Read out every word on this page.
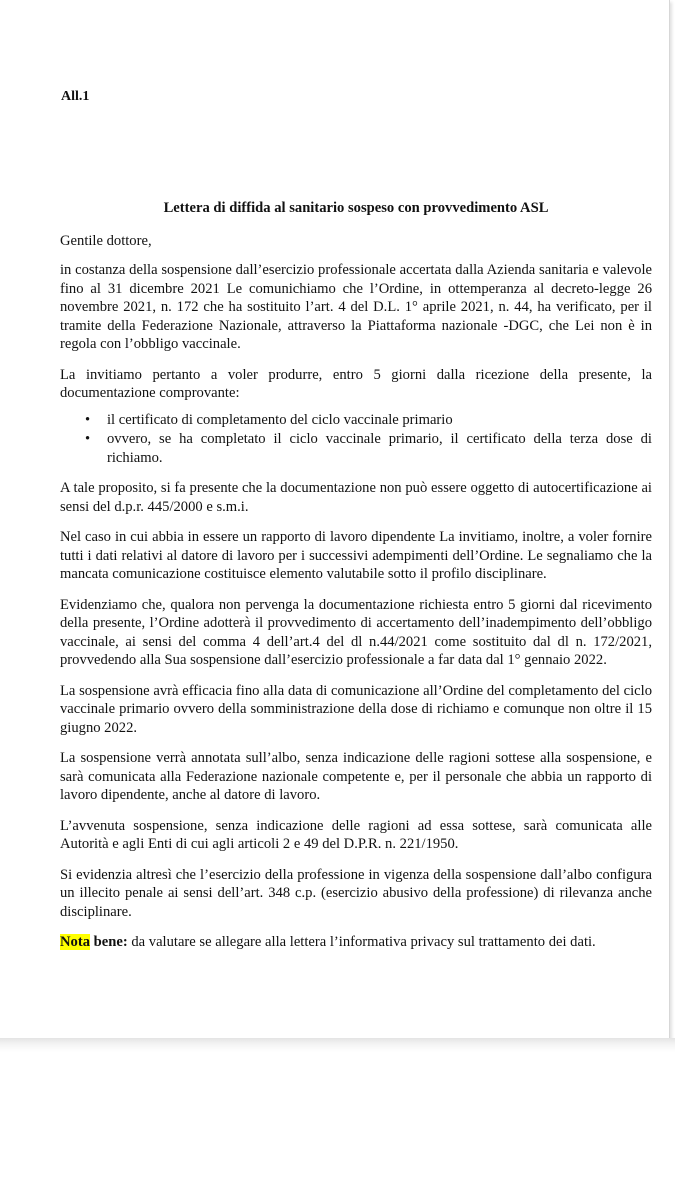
All.1

Lettera di diffida al sanitario sospeso con provvedimento ASL

Gentile dottore,

in costanza della sospensione dall’esercizio professionale accertata dalla Azienda sanitaria e valevole fino al 31 dicembre 2021 Le comunichiamo che l’Ordine, in ottemperanza al decreto-legge 26 novembre 2021, n. 172 che ha sostituito l’art. 4 del D.L. 1° aprile 2021, n. 44, ha verificato, per il tramite della Federazione Nazionale, attraverso la Piattaforma nazionale -DGC, che Lei non è in regola con l’obbligo vaccinale.

La invitiamo pertanto a voler produrre, entro 5 giorni dalla ricezione della presente, la documentazione comprovante:

• il certificato di completamento del ciclo vaccinale primario
• ovvero, se ha completato il ciclo vaccinale primario, il certificato della terza dose di richiamo.

A tale proposito, si fa presente che la documentazione non può essere oggetto di autocertificazione ai sensi del d.p.r. 445/2000 e s.m.i.

Nel caso in cui abbia in essere un rapporto di lavoro dipendente La invitiamo, inoltre, a voler fornire tutti i dati relativi al datore di lavoro per i successivi adempimenti dell’Ordine. Le segnaliamo che la mancata comunicazione costituisce elemento valutabile sotto il profilo disciplinare.

Evidenziamo che, qualora non pervenga la documentazione richiesta entro 5 giorni dal ricevimento della presente, l’Ordine adotterà il provvedimento di accertamento dell’inadempimento dell’obbligo vaccinale, ai sensi del comma 4 dell’art.4 del dl n.44/2021 come sostituito dal dl n. 172/2021, provvedendo alla Sua sospensione dall’esercizio professionale a far data dal 1° gennaio 2022.

La sospensione avrà efficacia fino alla data di comunicazione all’Ordine del completamento del ciclo vaccinale primario ovvero della somministrazione della dose di richiamo e comunque non oltre il 15 giugno 2022.

La sospensione verrà annotata sull’albo, senza indicazione delle ragioni sottese alla sospensione, e sarà comunicata alla Federazione nazionale competente e, per il personale che abbia un rapporto di lavoro dipendente, anche al datore di lavoro.

L’avvenuta sospensione, senza indicazione delle ragioni ad essa sottese, sarà comunicata alle Autorità e agli Enti di cui agli articoli 2 e 49 del D.P.R. n. 221/1950.

Si evidenzia altresì che l’esercizio della professione in vigenza della sospensione dall’albo configura un illecito penale ai sensi dell’art. 348 c.p. (esercizio abusivo della professione) di rilevanza anche disciplinare.

Nota bene: da valutare se allegare alla lettera l’informativa privacy sul trattamento dei dati.
